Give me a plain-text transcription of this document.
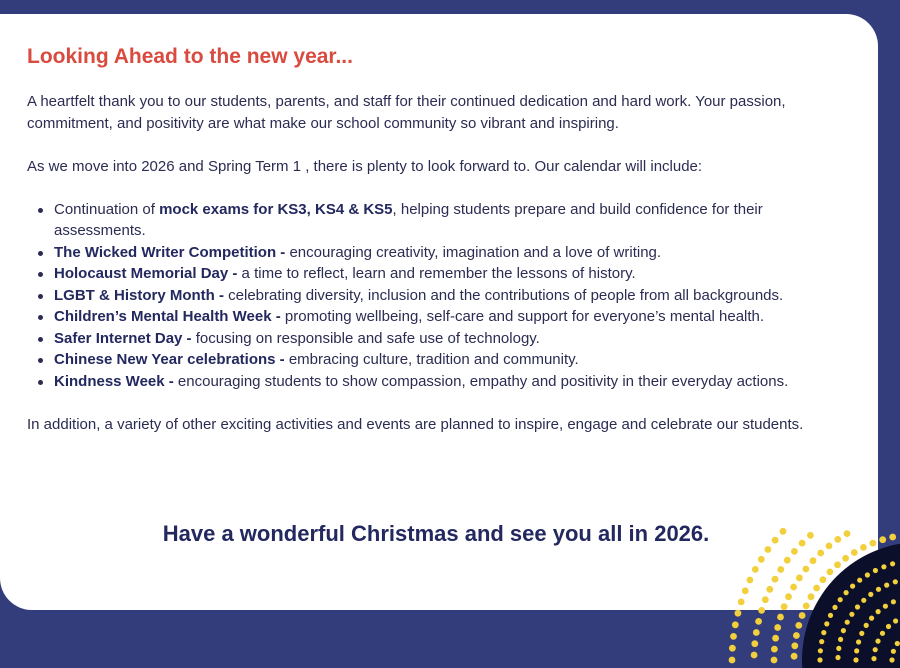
Looking Ahead to the new year...

A heartfelt thank you to our students, parents, and staff for their continued dedication and hard work. Your passion, commitment, and positivity are what make our school community so vibrant and inspiring.

As we move into 2026 and Spring Term 1 , there is plenty to look forward to. Our calendar will include:

Continuation of mock exams for KS3, KS4 & KS5, helping students prepare and build confidence for their assessments.
The Wicked Writer Competition - encouraging creativity, imagination and a love of writing.
Holocaust Memorial Day - a time to reflect, learn and remember the lessons of history.
LGBT & History Month - celebrating diversity, inclusion and the contributions of people from all backgrounds.
Children’s Mental Health Week - promoting wellbeing, self-care and support for everyone’s mental health.
Safer Internet Day - focusing on responsible and safe use of technology.
Chinese New Year celebrations - embracing culture, tradition and community.
Kindness Week - encouraging students to show compassion, empathy and positivity in their everyday actions.

In addition, a variety of other exciting activities and events are planned to inspire, engage and celebrate our students.

Have a wonderful Christmas and see you all in 2026.
